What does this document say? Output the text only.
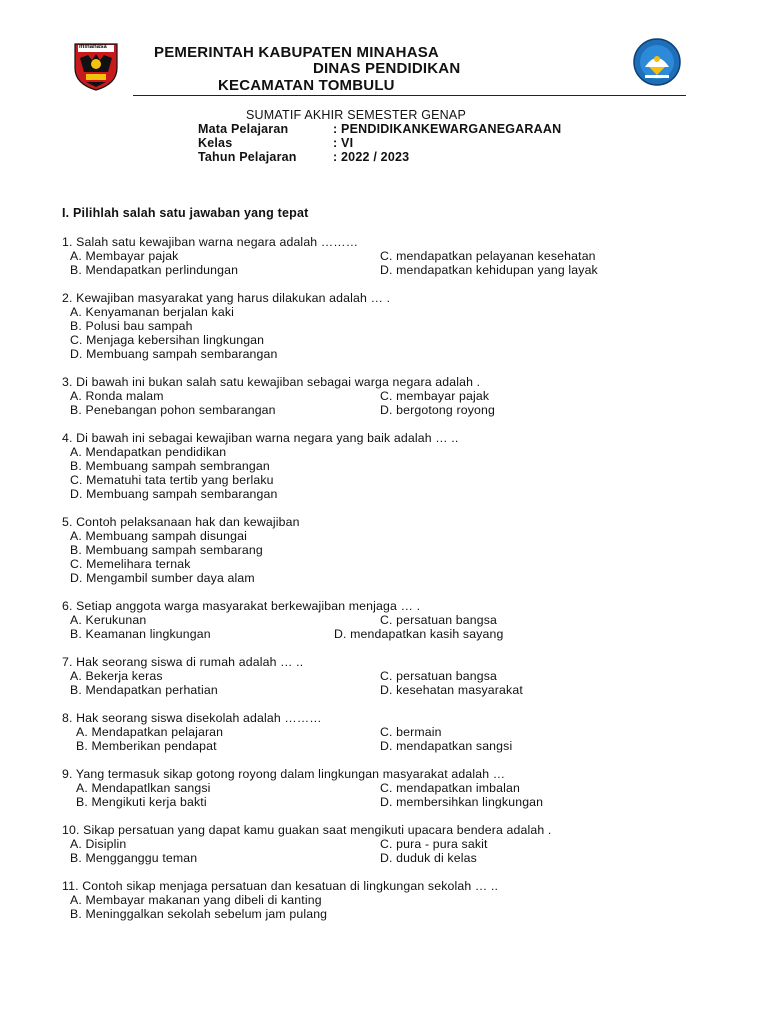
minahasa	PEMERINTAH KABUPATEN MINAHASA
DINAS PENDIDIKAN
KECAMATAN TOMBULU
SUMATIF AKHIR SEMESTER GENAP
Mata Pelajaran	: PENDIDIKANKEWARGANEGARAAN
Kelas	: VI
Tahun Pelajaran	: 2022 / 2023
I. Pilihlah salah satu jawaban yang tepat
1. Salah satu kewajiban warna negara adalah ………
A. Membayar pajak
B. Mendapatkan perlindungan
C. mendapatkan pelayanan kesehatan
D. mendapatkan kehidupan yang layak
2. Kewajiban masyarakat yang harus dilakukan adalah … .
A. Kenyamanan berjalan kaki
B. Polusi bau sampah
C. Menjaga kebersihan lingkungan
D. Membuang sampah sembarangan
3. Di bawah ini bukan salah satu kewajiban sebagai warga negara adalah .
A. Ronda malam
B. Penebangan pohon sembarangan
C. membayar pajak
D. bergotong royong
4. Di bawah ini sebagai kewajiban warna negara yang baik adalah … ..
A. Mendapatkan pendidikan
B. Membuang sampah sembrangan
C. Mematuhi tata tertib yang berlaku
D. Membuang sampah sembarangan
5. Contoh pelaksanaan hak dan kewajiban
A. Membuang sampah disungai
B. Membuang sampah sembarang
C. Memelihara ternak
D. Mengambil sumber daya alam
6. Setiap anggota warga masyarakat berkewajiban menjaga … .
A. Kerukunan
B. Keamanan lingkungan
C. persatuan bangsa
D. mendapatkan kasih sayang
7. Hak seorang siswa di rumah adalah … ..
A. Bekerja keras
B. Mendapatkan perhatian
C. persatuan bangsa
D. kesehatan masyarakat
8. Hak seorang siswa disekolah adalah ………
A. Mendapatkan pelajaran
B. Memberikan pendapat
C. bermain
D. mendapatkan sangsi
9. Yang termasuk sikap gotong royong dalam lingkungan masyarakat adalah …
A. Mendapatlkan sangsi
B. Mengikuti kerja bakti
C. mendapatkan imbalan
D. membersihkan lingkungan
10. Sikap persatuan yang dapat kamu guakan saat mengikuti upacara bendera adalah .
A. Disiplin
B. Mengganggu teman
C. pura - pura sakit
D. duduk di kelas
11. Contoh sikap menjaga persatuan dan kesatuan di lingkungan sekolah … ..
A. Membayar makanan yang dibeli di kanting
B. Meninggalkan sekolah sebelum jam pulang
